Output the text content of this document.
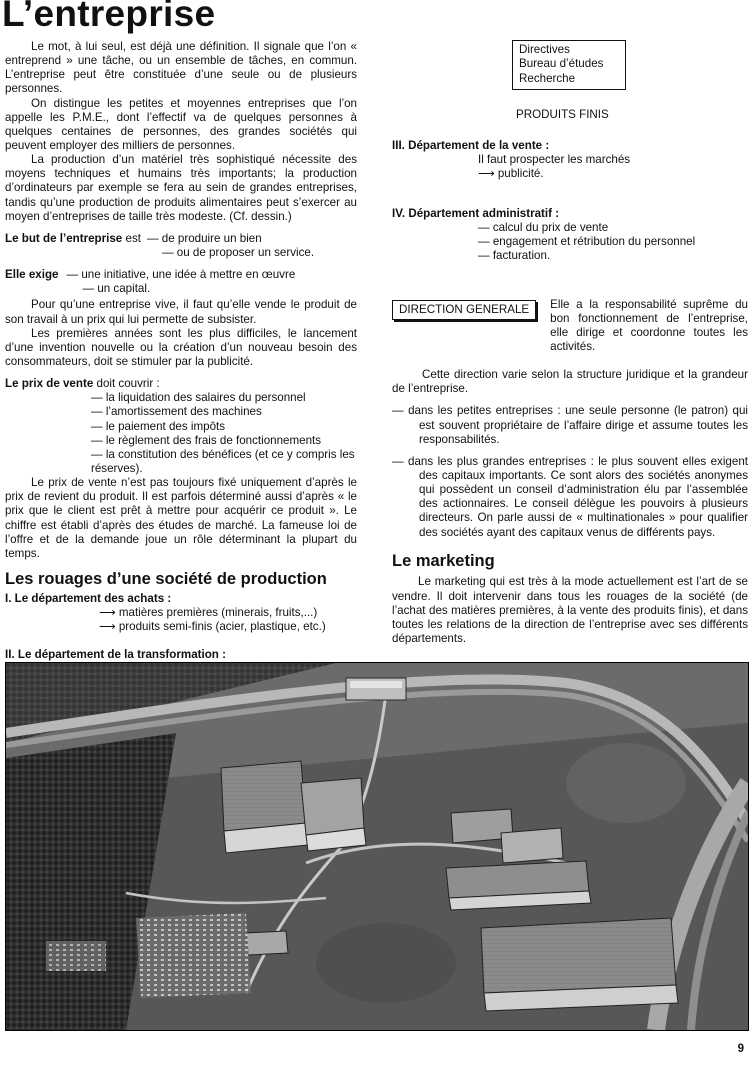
L’entreprise

Le mot, à lui seul, est déjà une définition. Il signale que l’on « entreprend » une tâche, ou un ensemble de tâches, en commun. L’entreprise peut être constituée d’une seule ou de plusieurs personnes.

On distingue les petites et moyennes entreprises que l’on appelle les P.M.E., dont l’effectif va de quelques personnes à quelques centaines de personnes, des grandes sociétés qui peuvent employer des milliers de personnes.

La production d’un matériel très sophistiqué nécessite des moyens techniques et humains très importants; la production d’ordinateurs par exemple se fera au sein de grandes entreprises, tandis qu’une production de produits alimentaires peut s’exercer au moyen d’entreprises de taille très modeste. (Cf. dessin.)

Le but de l’entreprise est — de produire un bien
— ou de proposer un service.
Elle exige — une initiative, une idée à mettre en œuvre
— un capital.

Pour qu’une entreprise vive, il faut qu’elle vende le produit de son travail à un prix qui lui permette de subsister.

Les premières années sont les plus difficiles, le lancement d’une invention nouvelle ou la création d’un nouveau besoin des consommateurs, doit se stimuler par la publicité.

Le prix de vente doit couvrir :
— la liquidation des salaires du personnel
— l’amortissement des machines
— le paiement des impôts
— le règlement des frais de fonctionnements
— la constitution des bénéfices (et ce y compris les réserves).

Le prix de vente n’est pas toujours fixé uniquement d’après le prix de revient du produit. Il est parfois déterminé aussi d’après « le prix que le client est prêt à mettre pour acquérir ce produit ». Le chiffre est établi d’après des études de marché. La fameuse loi de l’offre et de la demande joue un rôle déterminant la plupart du temps.

Les rouages d’une société de production
I. Le département des achats :
⟶ matières premières (minerais, fruits,...)
⟶ produits semi-finis (acier, plastique, etc.)
II. Le département de la transformation :
Directives
Bureau d’études
Recherche
PRODUITS FINIS
III. Département de la vente :
Il faut prospecter les marchés
⟶ publicité.
IV. Département administratif :
— calcul du prix de vente
— engagement et rétribution du personnel
— facturation.
DIRECTION GENERALE	Elle a la responsabilité suprême du bon fonctionnement de l’entreprise, elle dirige et coordonne toutes les activités.

Cette direction varie selon la structure juridique et la grandeur de l’entreprise.

— dans les petites entreprises : une seule personne (le patron) qui est souvent propriétaire de l’affaire dirige et assume toutes les responsabilités.

— dans les plus grandes entreprises : le plus souvent elles exigent des capitaux importants. Ce sont alors des sociétés anonymes qui possèdent un conseil d’administration élu par l’assemblée des actionnaires. Le conseil délègue les pouvoirs à plusieurs directeurs. On parle aussi de « multinationales » pour qualifier des sociétés ayant des capitaux venus de différents pays.

Le marketing

Le marketing qui est très à la mode actuellement est l’art de se vendre. Il doit intervenir dans tous les rouages de la société (de l’achat des matières premières, à la vente des produits finis), et dans toutes les relations de la direction de l’entreprise avec ses différents départements.

9
